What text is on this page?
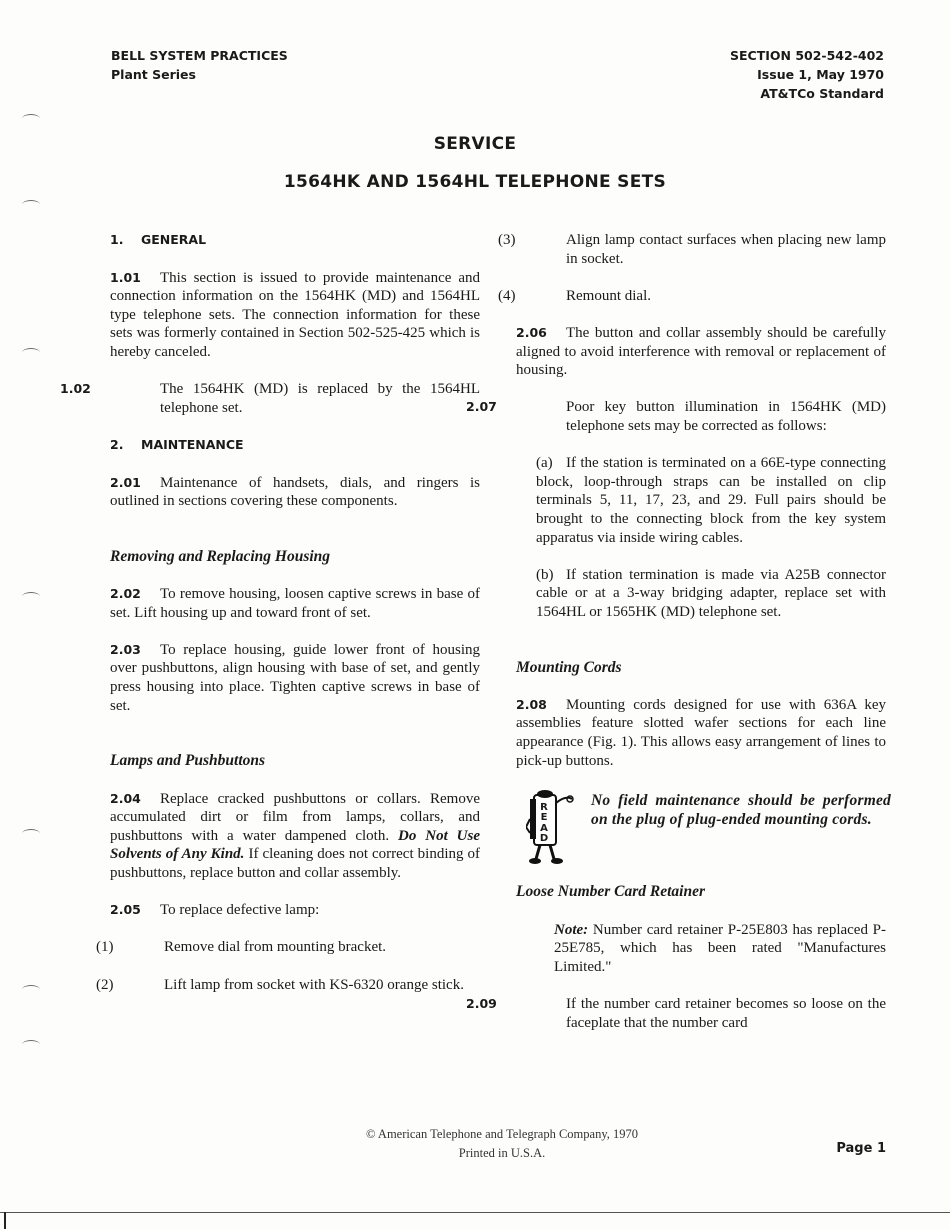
BELL SYSTEM PRACTICES
Plant Series
SECTION 502-542-402
Issue 1, May 1970
AT&TCo Standard
SERVICE
1564HK AND 1564HL TELEPHONE SETS
1. GENERAL
1.01 This section is issued to provide maintenance and connection information on the 1564HK (MD) and 1564HL type telephone sets. The connection information for these sets was formerly contained in Section 502-525-425 which is hereby canceled.
1.02	The 1564HK (MD) is replaced by the 1564HL telephone set.
2. MAINTENANCE
2.01 Maintenance of handsets, dials, and ringers is outlined in sections covering these components.
Removing and Replacing Housing
2.02 To remove housing, loosen captive screws in base of set. Lift housing up and toward front of set.
2.03 To replace housing, guide lower front of housing over pushbuttons, align housing with base of set, and gently press housing into place. Tighten captive screws in base of set.
Lamps and Pushbuttons
2.04 Replace cracked pushbuttons or collars. Remove accumulated dirt or film from lamps, collars, and pushbuttons with a water dampened cloth. Do Not Use Solvents of Any Kind. If cleaning does not correct binding of pushbuttons, replace button and collar assembly.
2.05 To replace defective lamp:
(1)	Remove dial from mounting bracket.
(2)	Lift lamp from socket with KS-6320 orange stick.
(3)	Align lamp contact surfaces when placing new lamp in socket.
(4)	Remount dial.
2.06 The button and collar assembly should be carefully aligned to avoid interference with removal or replacement of housing.
2.07	Poor key button illumination in 1564HK (MD) telephone sets may be corrected as follows:
(a) If the station is terminated on a 66E-type connecting block, loop-through straps can be installed on clip terminals 5, 11, 17, 23, and 29. Full pairs should be brought to the connecting block from the key system apparatus via inside wiring cables.
(b) If station termination is made via A25B connector cable or at a 3-way bridging adapter, replace set with 1564HL or 1565HK (MD) telephone set.
Mounting Cords
2.08 Mounting cords designed for use with 636A key assemblies feature slotted wafer sections for each line appearance (Fig. 1). This allows easy arrangement of lines to pick-up buttons.
READ
No field maintenance should be performed on the plug of plug-ended mounting cords.
Loose Number Card Retainer
Note: Number card retainer P-25E803 has replaced P-25E785, which has been rated "Manufactures Limited."
2.09	If the number card retainer becomes so loose on the faceplate that the number card
© American Telephone and Telegraph Company, 1970
Printed in U.S.A.	Page 1
